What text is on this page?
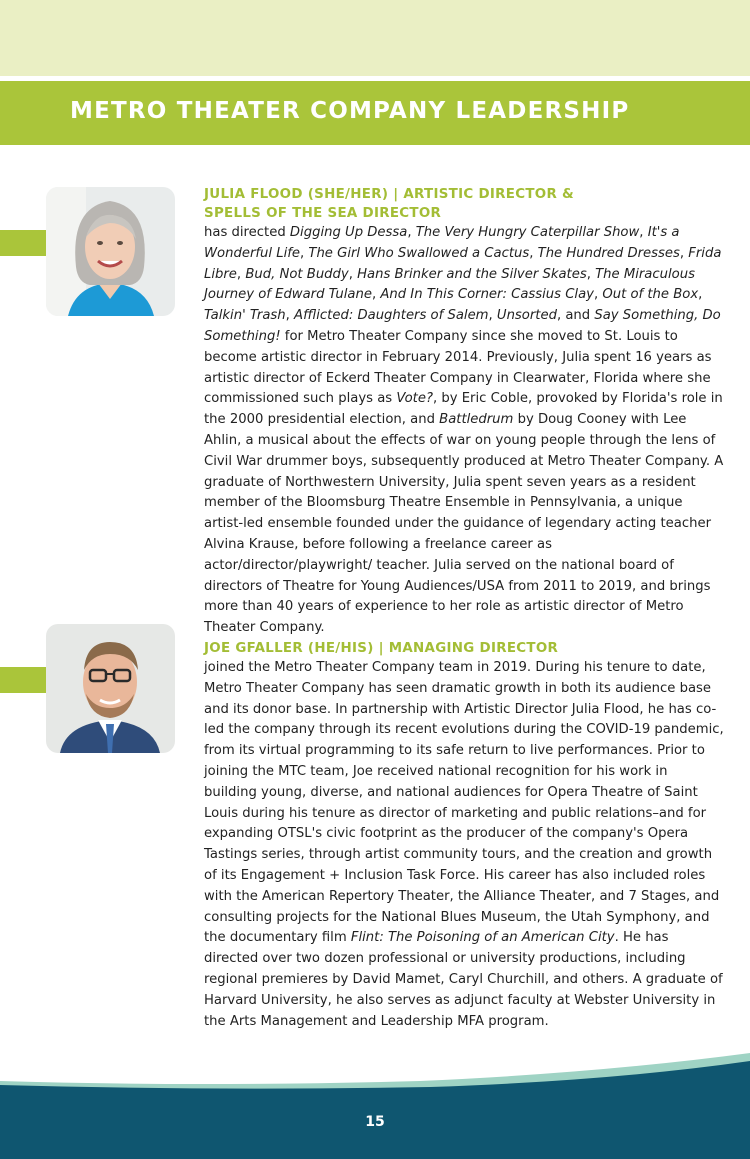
METRO THEATER COMPANY LEADERSHIP
JULIA FLOOD (SHE/HER) | ARTISTIC DIRECTOR &
SPELLS OF THE SEA DIRECTOR
has directed Digging Up Dessa, The Very Hungry Caterpillar Show, It's a Wonderful Life, The Girl Who Swallowed a Cactus, The Hundred Dresses, Frida Libre, Bud, Not Buddy, Hans Brinker and the Silver Skates, The Miraculous Journey of Edward Tulane, And In This Corner: Cassius Clay, Out of the Box, Talkin' Trash, Afflicted: Daughters of Salem, Unsorted, and Say Something, Do Something! for Metro Theater Company since she moved to St. Louis to become artistic director in February 2014. Previously, Julia spent 16 years as artistic director of Eckerd Theater Company in Clearwater, Florida where she commissioned such plays as Vote?, by Eric Coble, provoked by Florida's role in the 2000 presidential election, and Battledrum by Doug Cooney with Lee Ahlin, a musical about the effects of war on young people through the lens of Civil War drummer boys, subsequently produced at Metro Theater Company. A graduate of Northwestern University, Julia spent seven years as a resident member of the Bloomsburg Theatre Ensemble in Pennsylvania, a unique artist-led ensemble founded under the guidance of legendary acting teacher Alvina Krause, before following a freelance career as actor/director/playwright/ teacher. Julia served on the national board of directors of Theatre for Young Audiences/USA from 2011 to 2019, and brings more than 40 years of experience to her role as artistic director of Metro Theater Company.
JOE GFALLER (HE/HIS) | MANAGING DIRECTOR
joined the Metro Theater Company team in 2019. During his tenure to date, Metro Theater Company has seen dramatic growth in both its audience base and its donor base. In partnership with Artistic Director Julia Flood, he has co-led the company through its recent evolutions during the COVID-19 pandemic, from its virtual programming to its safe return to live performances. Prior to joining the MTC team, Joe received national recognition for his work in building young, diverse, and national audiences for Opera Theatre of Saint Louis during his tenure as director of marketing and public relations–and for expanding OTSL's civic footprint as the producer of the company's Opera Tastings series, through artist community tours, and the creation and growth of its Engagement + Inclusion Task Force. His career has also included roles with the American Repertory Theater, the Alliance Theater, and 7 Stages, and consulting projects for the National Blues Museum, the Utah Symphony, and the documentary film Flint: The Poisoning of an American City. He has directed over two dozen professional or university productions, including regional premieres by David Mamet, Caryl Churchill, and others. A graduate of Harvard University, he also serves as adjunct faculty at Webster University in the Arts Management and Leadership MFA program.
15
